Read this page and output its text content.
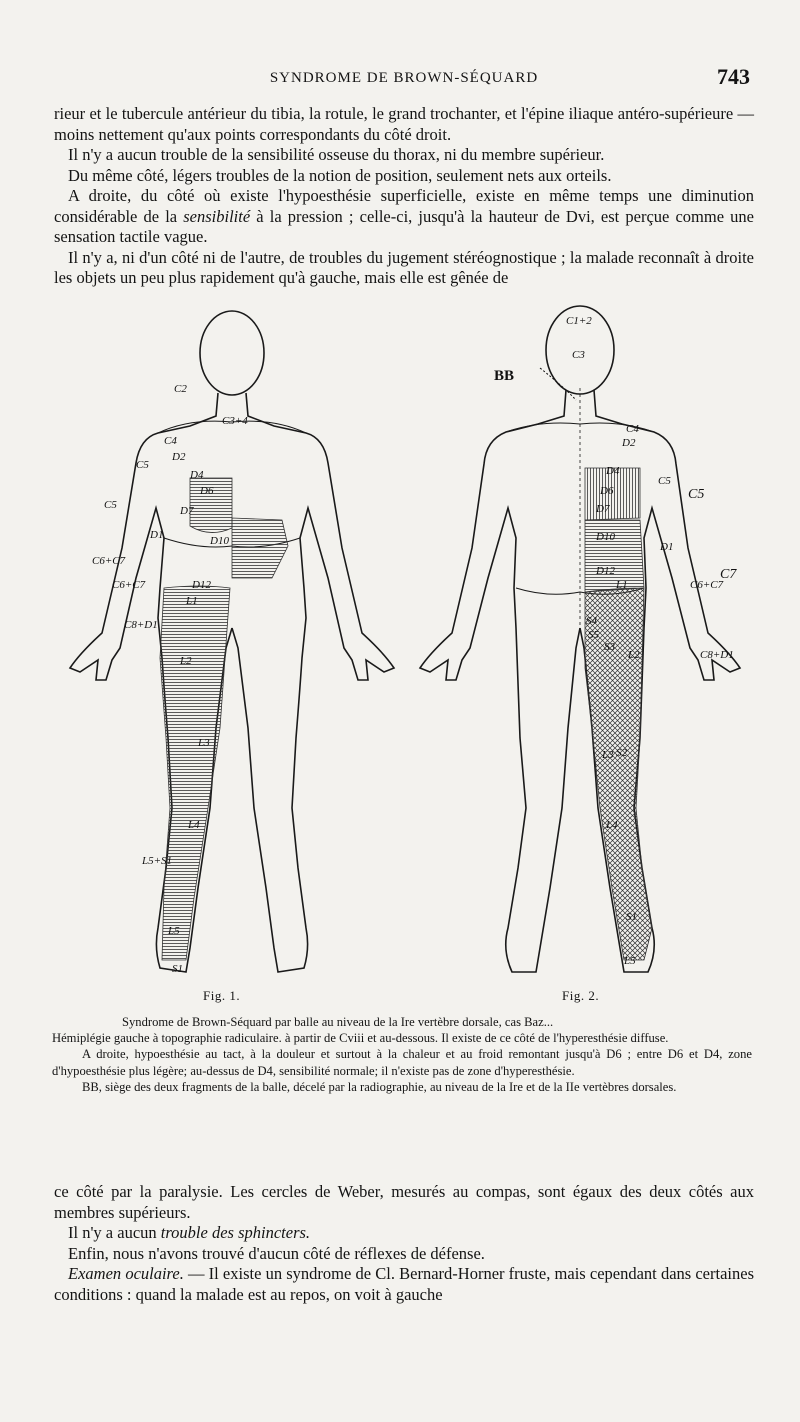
SYNDROME DE BROWN-SÉQUARD	743

rieur et le tubercule antérieur du tibia, la rotule, le grand trochanter, et l'épine iliaque antéro-supérieure — moins nettement qu'aux points correspondants du côté droit.

Il n'y a aucun trouble de la sensibilité osseuse du thorax, ni du membre supérieur.

Du même côté, légers troubles de la notion de position, seulement nets aux orteils.

A droite, du côté où existe l'hypoesthésie superficielle, existe en même temps une diminution considérable de la sensibilité à la pression ; celle-ci, jusqu'à la hauteur de Dvi, est perçue comme une sensation tactile vague.

Il n'y a, ni d'un côté ni de l'autre, de troubles du jugement stéréognostique ; la malade reconnaît à droite les objets un peu plus rapidement qu'à gauche, mais elle est gênée de

C2
C3+4
C4
D2
D4
D6
D7
D10
D12
L1
L2
L3
L4
L5
S1
D1
C5
C6+C7
C8+D1
C5
C6+C7
L5+S1
BB
C1+2
C3
C4
D2
D4
D6
D7
D10
D12
L1
S3
S4
S5
L2
L3
L4
L5
S1
S2
C5
C5
C6+C7
C7
C8+D1
D1
Fig. 1.	Fig. 2.

Syndrome de Brown-Séquard par balle au niveau de la Ire vertèbre dorsale, cas Baz...

Hémiplégie gauche à topographie radiculaire. à partir de Cviii et au-dessous. Il existe de ce côté de l'hyperesthésie diffuse.

A droite, hypoesthésie au tact, à la douleur et surtout à la chaleur et au froid remontant jusqu'à D6 ; entre D6 et D4, zone d'hypoesthésie plus légère; au-dessus de D4, sensibilité normale; il n'existe pas de zone d'hyperesthésie.

BB, siège des deux fragments de la balle, décelé par la radiographie, au niveau de la Ire et de la IIe vertèbres dorsales.

ce côté par la paralysie. Les cercles de Weber, mesurés au compas, sont égaux des deux côtés aux membres supérieurs.

Il n'y a aucun trouble des sphincters.

Enfin, nous n'avons trouvé d'aucun côté de réflexes de défense.

Examen oculaire. — Il existe un syndrome de Cl. Bernard-Horner fruste, mais cependant dans certaines conditions : quand la malade est au repos, on voit à gauche
